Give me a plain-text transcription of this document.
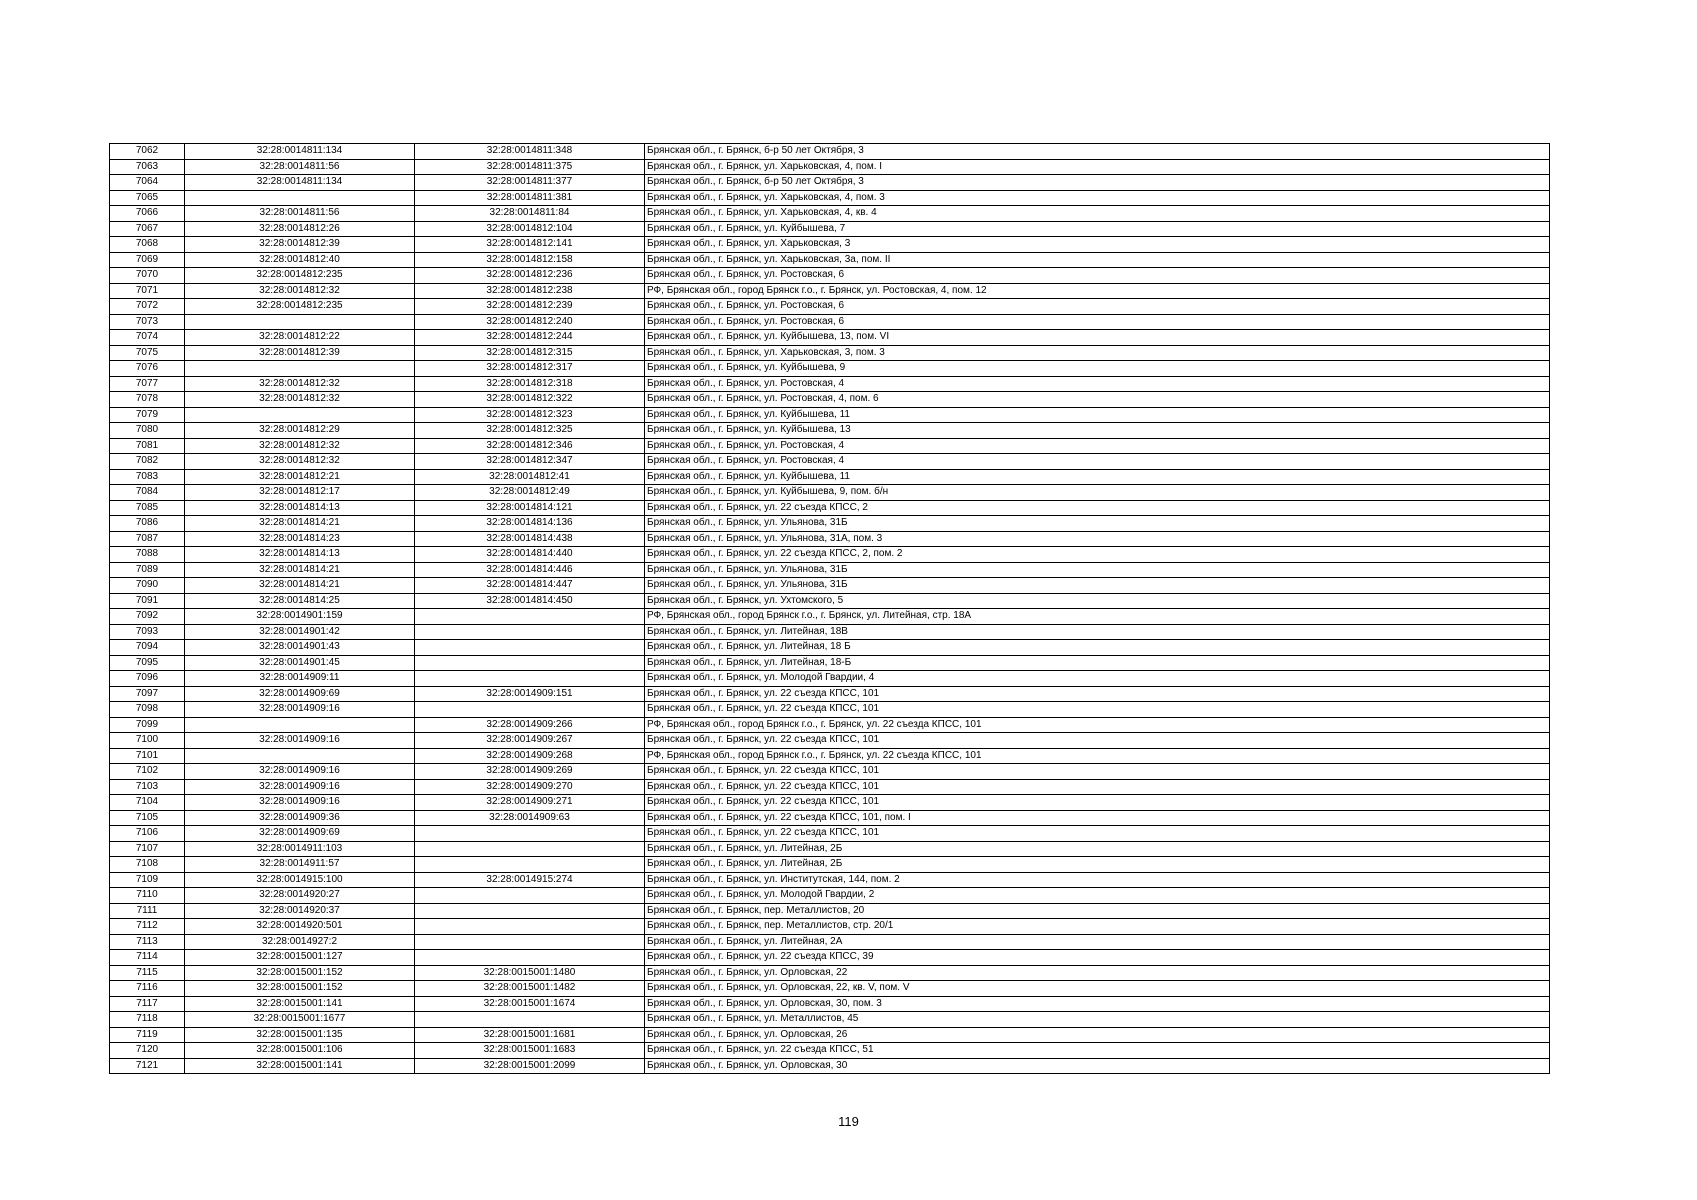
7062	32:28:0014811:134	32:28:0014811:348	Брянская обл., г. Брянск, б-р 50 лет Октября, 3
7063	32:28:0014811:56	32:28:0014811:375	Брянская обл., г. Брянск, ул. Харьковская, 4, пом. I
7064	32:28:0014811:134	32:28:0014811:377	Брянская обл., г. Брянск, б-р 50 лет Октября, 3
7065		32:28:0014811:381	Брянская обл., г. Брянск, ул. Харьковская, 4, пом. 3
7066	32:28:0014811:56	32:28:0014811:84	Брянская обл., г. Брянск, ул. Харьковская, 4, кв. 4
7067	32:28:0014812:26	32:28:0014812:104	Брянская обл., г. Брянск, ул. Куйбышева, 7
7068	32:28:0014812:39	32:28:0014812:141	Брянская обл., г. Брянск, ул. Харьковская, 3
7069	32:28:0014812:40	32:28:0014812:158	Брянская обл., г. Брянск, ул. Харьковская, 3а, пом. II
7070	32:28:0014812:235	32:28:0014812:236	Брянская обл., г. Брянск, ул. Ростовская, 6
7071	32:28:0014812:32	32:28:0014812:238	РФ, Брянская обл., город Брянск г.о., г. Брянск, ул. Ростовская, 4, пом. 12
7072	32:28:0014812:235	32:28:0014812:239	Брянская обл., г. Брянск, ул. Ростовская, 6
7073		32:28:0014812:240	Брянская обл., г. Брянск, ул. Ростовская, 6
7074	32:28:0014812:22	32:28:0014812:244	Брянская обл., г. Брянск, ул. Куйбышева, 13, пом. VI
7075	32:28:0014812:39	32:28:0014812:315	Брянская обл., г. Брянск, ул. Харьковская, 3, пом. 3
7076		32:28:0014812:317	Брянская обл., г. Брянск, ул. Куйбышева, 9
7077	32:28:0014812:32	32:28:0014812:318	Брянская обл., г. Брянск, ул. Ростовская, 4
7078	32:28:0014812:32	32:28:0014812:322	Брянская обл., г. Брянск, ул. Ростовская, 4, пом. 6
7079		32:28:0014812:323	Брянская обл., г. Брянск, ул. Куйбышева, 11
7080	32:28:0014812:29	32:28:0014812:325	Брянская обл., г. Брянск, ул. Куйбышева, 13
7081	32:28:0014812:32	32:28:0014812:346	Брянская обл., г. Брянск, ул. Ростовская, 4
7082	32:28:0014812:32	32:28:0014812:347	Брянская обл., г. Брянск, ул. Ростовская, 4
7083	32:28:0014812:21	32:28:0014812:41	Брянская обл., г. Брянск, ул. Куйбышева, 11
7084	32:28:0014812:17	32:28:0014812:49	Брянская обл., г. Брянск, ул. Куйбышева, 9, пом. б/н
7085	32:28:0014814:13	32:28:0014814:121	Брянская обл., г. Брянск, ул. 22 съезда КПСС, 2
7086	32:28:0014814:21	32:28:0014814:136	Брянская обл., г. Брянск, ул. Ульянова, 31Б
7087	32:28:0014814:23	32:28:0014814:438	Брянская обл., г. Брянск, ул. Ульянова, 31А, пом. 3
7088	32:28:0014814:13	32:28:0014814:440	Брянская обл., г. Брянск, ул. 22 съезда КПСС, 2, пом. 2
7089	32:28:0014814:21	32:28:0014814:446	Брянская обл., г. Брянск, ул. Ульянова, 31Б
7090	32:28:0014814:21	32:28:0014814:447	Брянская обл., г. Брянск, ул. Ульянова, 31Б
7091	32:28:0014814:25	32:28:0014814:450	Брянская обл., г. Брянск, ул. Ухтомского, 5
7092	32:28:0014901:159		РФ, Брянская обл., город Брянск г.о., г. Брянск, ул. Литейная, стр. 18А
7093	32:28:0014901:42		Брянская обл., г. Брянск, ул. Литейная, 18В
7094	32:28:0014901:43		Брянская обл., г. Брянск, ул. Литейная, 18 Б
7095	32:28:0014901:45		Брянская обл., г. Брянск, ул. Литейная, 18-Б
7096	32:28:0014909:11		Брянская обл., г. Брянск, ул. Молодой Гвардии, 4
7097	32:28:0014909:69	32:28:0014909:151	Брянская обл., г. Брянск, ул. 22 съезда КПСС, 101
7098	32:28:0014909:16		Брянская обл., г. Брянск, ул. 22 съезда КПСС, 101
7099		32:28:0014909:266	РФ, Брянская обл., город Брянск г.о., г. Брянск, ул. 22 съезда КПСС, 101
7100	32:28:0014909:16	32:28:0014909:267	Брянская обл., г. Брянск, ул. 22 съезда КПСС, 101
7101		32:28:0014909:268	РФ, Брянская обл., город Брянск г.о., г. Брянск, ул. 22 съезда КПСС, 101
7102	32:28:0014909:16	32:28:0014909:269	Брянская обл., г. Брянск, ул. 22 съезда КПСС, 101
7103	32:28:0014909:16	32:28:0014909:270	Брянская обл., г. Брянск, ул. 22 съезда КПСС, 101
7104	32:28:0014909:16	32:28:0014909:271	Брянская обл., г. Брянск, ул. 22 съезда КПСС, 101
7105	32:28:0014909:36	32:28:0014909:63	Брянская обл., г. Брянск, ул. 22 съезда КПСС, 101, пом. I
7106	32:28:0014909:69		Брянская обл., г. Брянск, ул. 22 съезда КПСС, 101
7107	32:28:0014911:103		Брянская обл., г. Брянск, ул. Литейная, 2Б
7108	32:28:0014911:57		Брянская обл., г. Брянск, ул. Литейная, 2Б
7109	32:28:0014915:100	32:28:0014915:274	Брянская обл., г. Брянск, ул. Институтская, 144, пом. 2
7110	32:28:0014920:27		Брянская обл., г. Брянск, ул. Молодой Гвардии, 2
7111	32:28:0014920:37		Брянская обл., г. Брянск, пер. Металлистов, 20
7112	32:28:0014920:501		Брянская обл., г. Брянск, пер. Металлистов, стр. 20/1
7113	32:28:0014927:2		Брянская обл., г. Брянск, ул. Литейная, 2А
7114	32:28:0015001:127		Брянская обл., г. Брянск, ул. 22 съезда КПСС, 39
7115	32:28:0015001:152	32:28:0015001:1480	Брянская обл., г. Брянск, ул. Орловская, 22
7116	32:28:0015001:152	32:28:0015001:1482	Брянская обл., г. Брянск, ул. Орловская, 22, кв. V, пом. V
7117	32:28:0015001:141	32:28:0015001:1674	Брянская обл., г. Брянск, ул. Орловская, 30, пом. 3
7118	32:28:0015001:1677		Брянская обл., г. Брянск, ул. Металлистов, 45
7119	32:28:0015001:135	32:28:0015001:1681	Брянская обл., г. Брянск, ул. Орловская, 26
7120	32:28:0015001:106	32:28:0015001:1683	Брянская обл., г. Брянск, ул. 22 съезда КПСС, 51
7121	32:28:0015001:141	32:28:0015001:2099	Брянская обл., г. Брянск, ул. Орловская, 30
119
